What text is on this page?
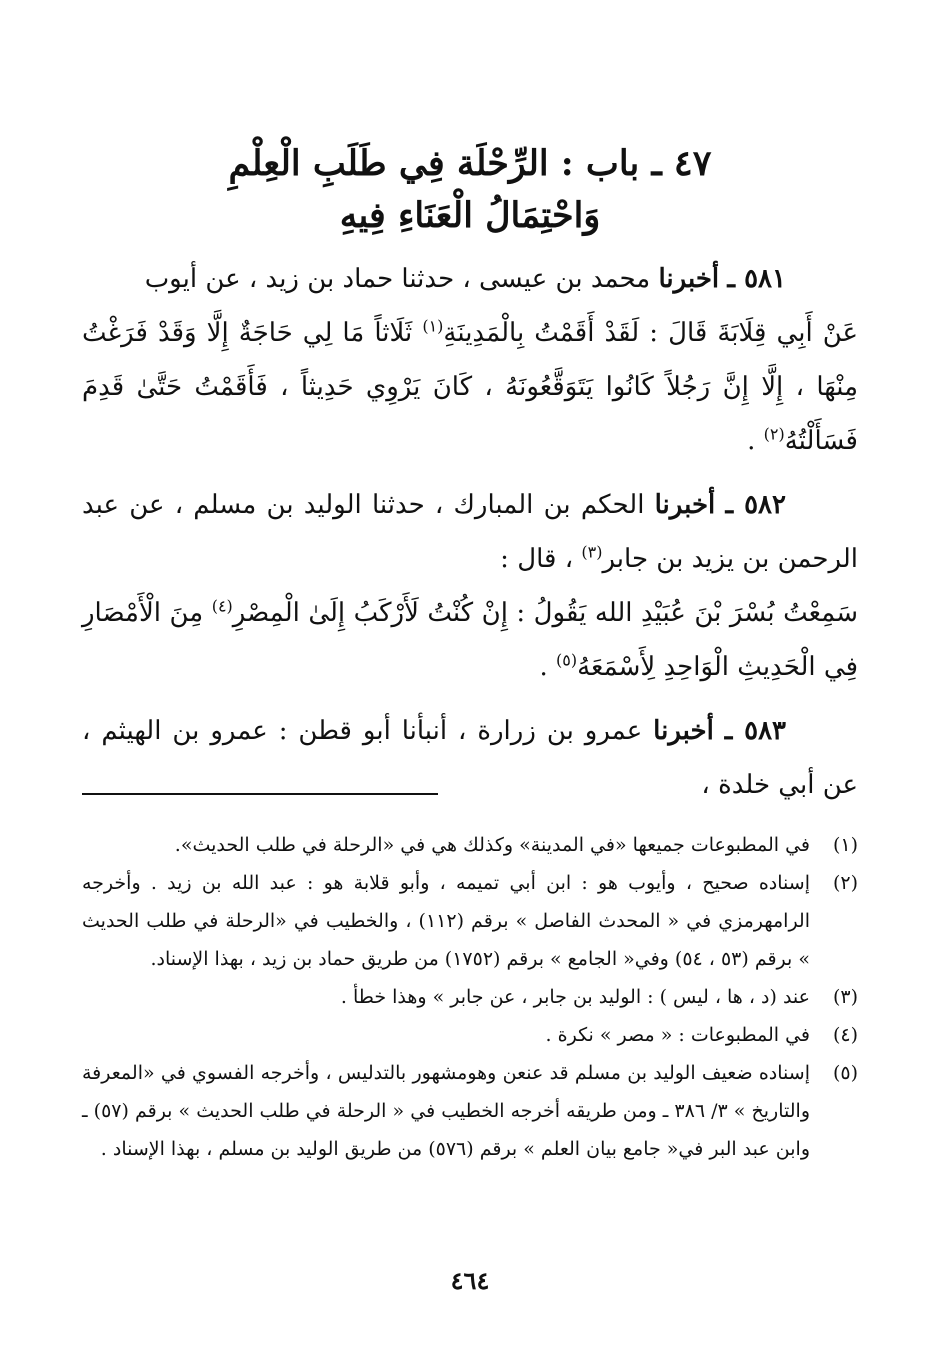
٤٧ ـ باب : الرِّحْلَة فِي طَلَبِ الْعِلْمِ
وَاحْتِمَالُ الْعَنَاءِ فِيهِ

٥٨١ ـ أخبرنا محمد بن عيسى ، حدثنا حماد بن زيد ، عن أيوب
عَنْ أَبِي قِلَابَةَ قَالَ : لَقَدْ أَقَمْتُ بِالْمَدِينَةِ$^{(١)}$ ثَلَاثاً مَا لِي حَاجَةٌ إِلَّا وَقَدْ فَرَغْتُ مِنْهَا ، إِلَّا إِنَّ رَجُلاً كَانُوا يَتَوَقَّعُونَهُ ، كَانَ يَرْوِي حَدِيثاً ، فَأَقَمْتُ حَتَّىٰ قَدِمَ فَسَأَلْتُهُ$^{(٢)}$ .

٥٨٢ ـ أخبرنا الحكم بن المبارك ، حدثنا الوليد بن مسلم ، عن عبد الرحمن بن يزيد بن جابر$^{(٣)}$ ، قال :
سَمِعْتُ بُسْرَ بْنَ عُبَيْدِ الله يَقُولُ : إِنْ كُنْتُ لَأَرْكَبُ إِلَىٰ الْمِصْرِ$^{(٤)}$ مِنَ الْأَمْصَارِ فِي الْحَدِيثِ الْوَاحِدِ لِأَسْمَعَهُ$^{(٥)}$ .

٥٨٣ ـ أخبرنا عمرو بن زرارة ، أنبأنا أبو قطن : عمرو بن الهيثم ، عن أبي خلدة ،

(١)
في المطبوعات جميعها «في المدينة» وكذلك هي في «الرحلة في طلب الحديث».

(٢)
إسناده صحيح ، وأيوب هو : ابن أبي تميمه ، وأبو قلابة هو : عبد الله بن زيد . وأخرجه الرامهرمزي في « المحدث الفاصل » برقم (١١٢) ، والخطيب في «الرحلة في طلب الحديث » برقم (٥٣ ، ٥٤) وفي« الجامع » برقم (١٧٥٢) من طريق حماد بن زيد ، بهذا الإسناد.

(٣)
عند (د ، ها ، ليس ) : الوليد بن جابر ، عن جابر » وهذا خطأ .

(٤)
في المطبوعات : « مصر » نكرة .

(٥)
إسناده ضعيف الوليد بن مسلم قد عنعن وهومشهور بالتدليس ، وأخرجه الفسوي في «المعرفة والتاريخ » ٣/ ٣٨٦ ـ ومن طريقه أخرجه الخطيب في « الرحلة في طلب الحديث » برقم (٥٧) ـ وابن عبد البر في« جامع بيان العلم » برقم (٥٧٦) من طريق الوليد بن مسلم ، بهذا الإسناد .

٤٦٤
